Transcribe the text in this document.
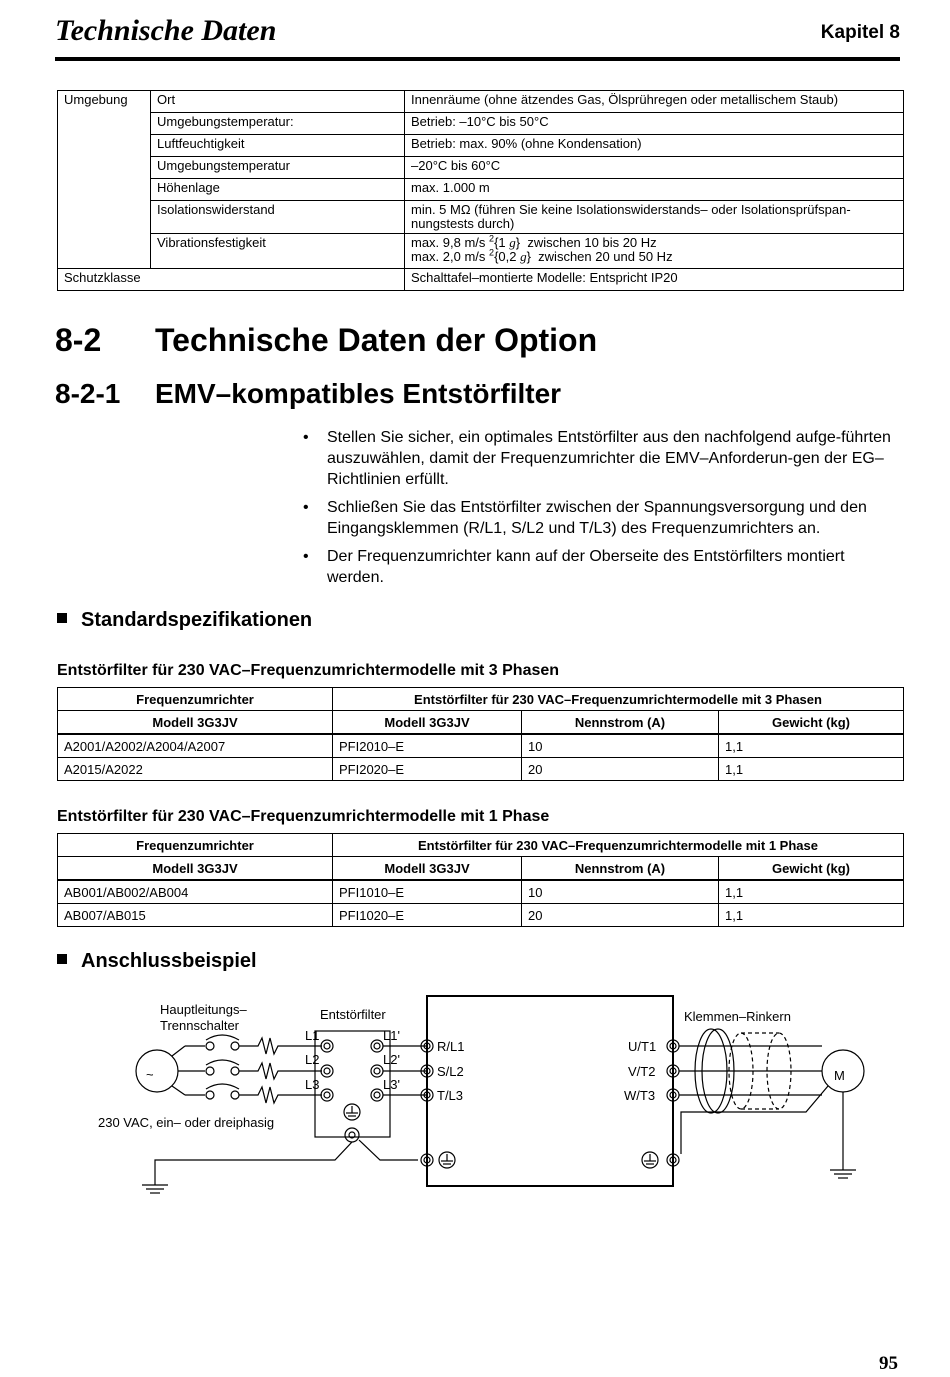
Technische Daten	Kapitel 8
Umgebung	Ort	Innenräume (ohne ätzendes Gas, Ölsprühregen oder metallischem Staub)
	Umgebungstemperatur:	Betrieb: –10°C bis 50°C
	Luftfeuchtigkeit	Betrieb: max. 90% (ohne Kondensation)
	Umgebungstemperatur	–20°C bis 60°C
	Höhenlage	max. 1.000 m
	Isolationswiderstand	min. 5 MΩ (führen Sie keine Isolationswiderstands– oder Isolationsprüfspan-
nungstests durch)
	Vibrationsfestigkeit	max. 9,8 m/s $^2${1 g}  zwischen 10 bis 20 Hz
max. 2,0 m/s $^2${0,2 g}  zwischen 20 und 50 Hz
Schutzklasse		Schalttafel–montierte Modelle: Entspricht IP20
8-2 Technische Daten der Option
8-2-1 EMV–kompatibles Entstörfilter
• Stellen Sie sicher, ein optimales Entstörfilter aus den nachfolgend aufge-führten auszuwählen, damit der Frequenzumrichter die EMV–Anforderun-gen der EG–Richtlinien erfüllt.
• Schließen Sie das Entstörfilter zwischen der Spannungsversorgung und den Eingangsklemmen (R/L1, S/L2 und T/L3) des Frequenzumrichters an.
• Der Frequenzumrichter kann auf der Oberseite des Entstörfilters montiert werden.
Standardspezifikationen
Entstörfilter für 230 VAC–Frequenzumrichtermodelle mit 3 Phasen
Frequenzumrichter	Entstörfilter für 230 VAC–Frequenzumrichtermodelle mit 3 Phasen		
Modell 3G3JV	Modell 3G3JV	Nennstrom (A)	Gewicht (kg)
A2001/A2002/A2004/A2007	PFI2010–E	10	1,1
A2015/A2022	PFI2020–E	20	1,1
Entstörfilter für 230 VAC–Frequenzumrichtermodelle mit 1 Phase
Frequenzumrichter	Entstörfilter für 230 VAC–Frequenzumrichtermodelle mit 1 Phase		
Modell 3G3JV	Modell 3G3JV	Nennstrom (A)	Gewicht (kg)
AB001/AB002/AB004	PFI1010–E	10	1,1
AB007/AB015	PFI1020–E	20	1,1
Anschlussbeispiel
Hauptleitungs–
Trennschalter
Entstörfilter	Klemmen–Rinkern
230 VAC, ein– oder dreiphasig
~
L1
L2
L3
L1'
L2'
L3'
R/L1
S/L2
T/L3
U/T1
V/T2
W/T3
M
95
